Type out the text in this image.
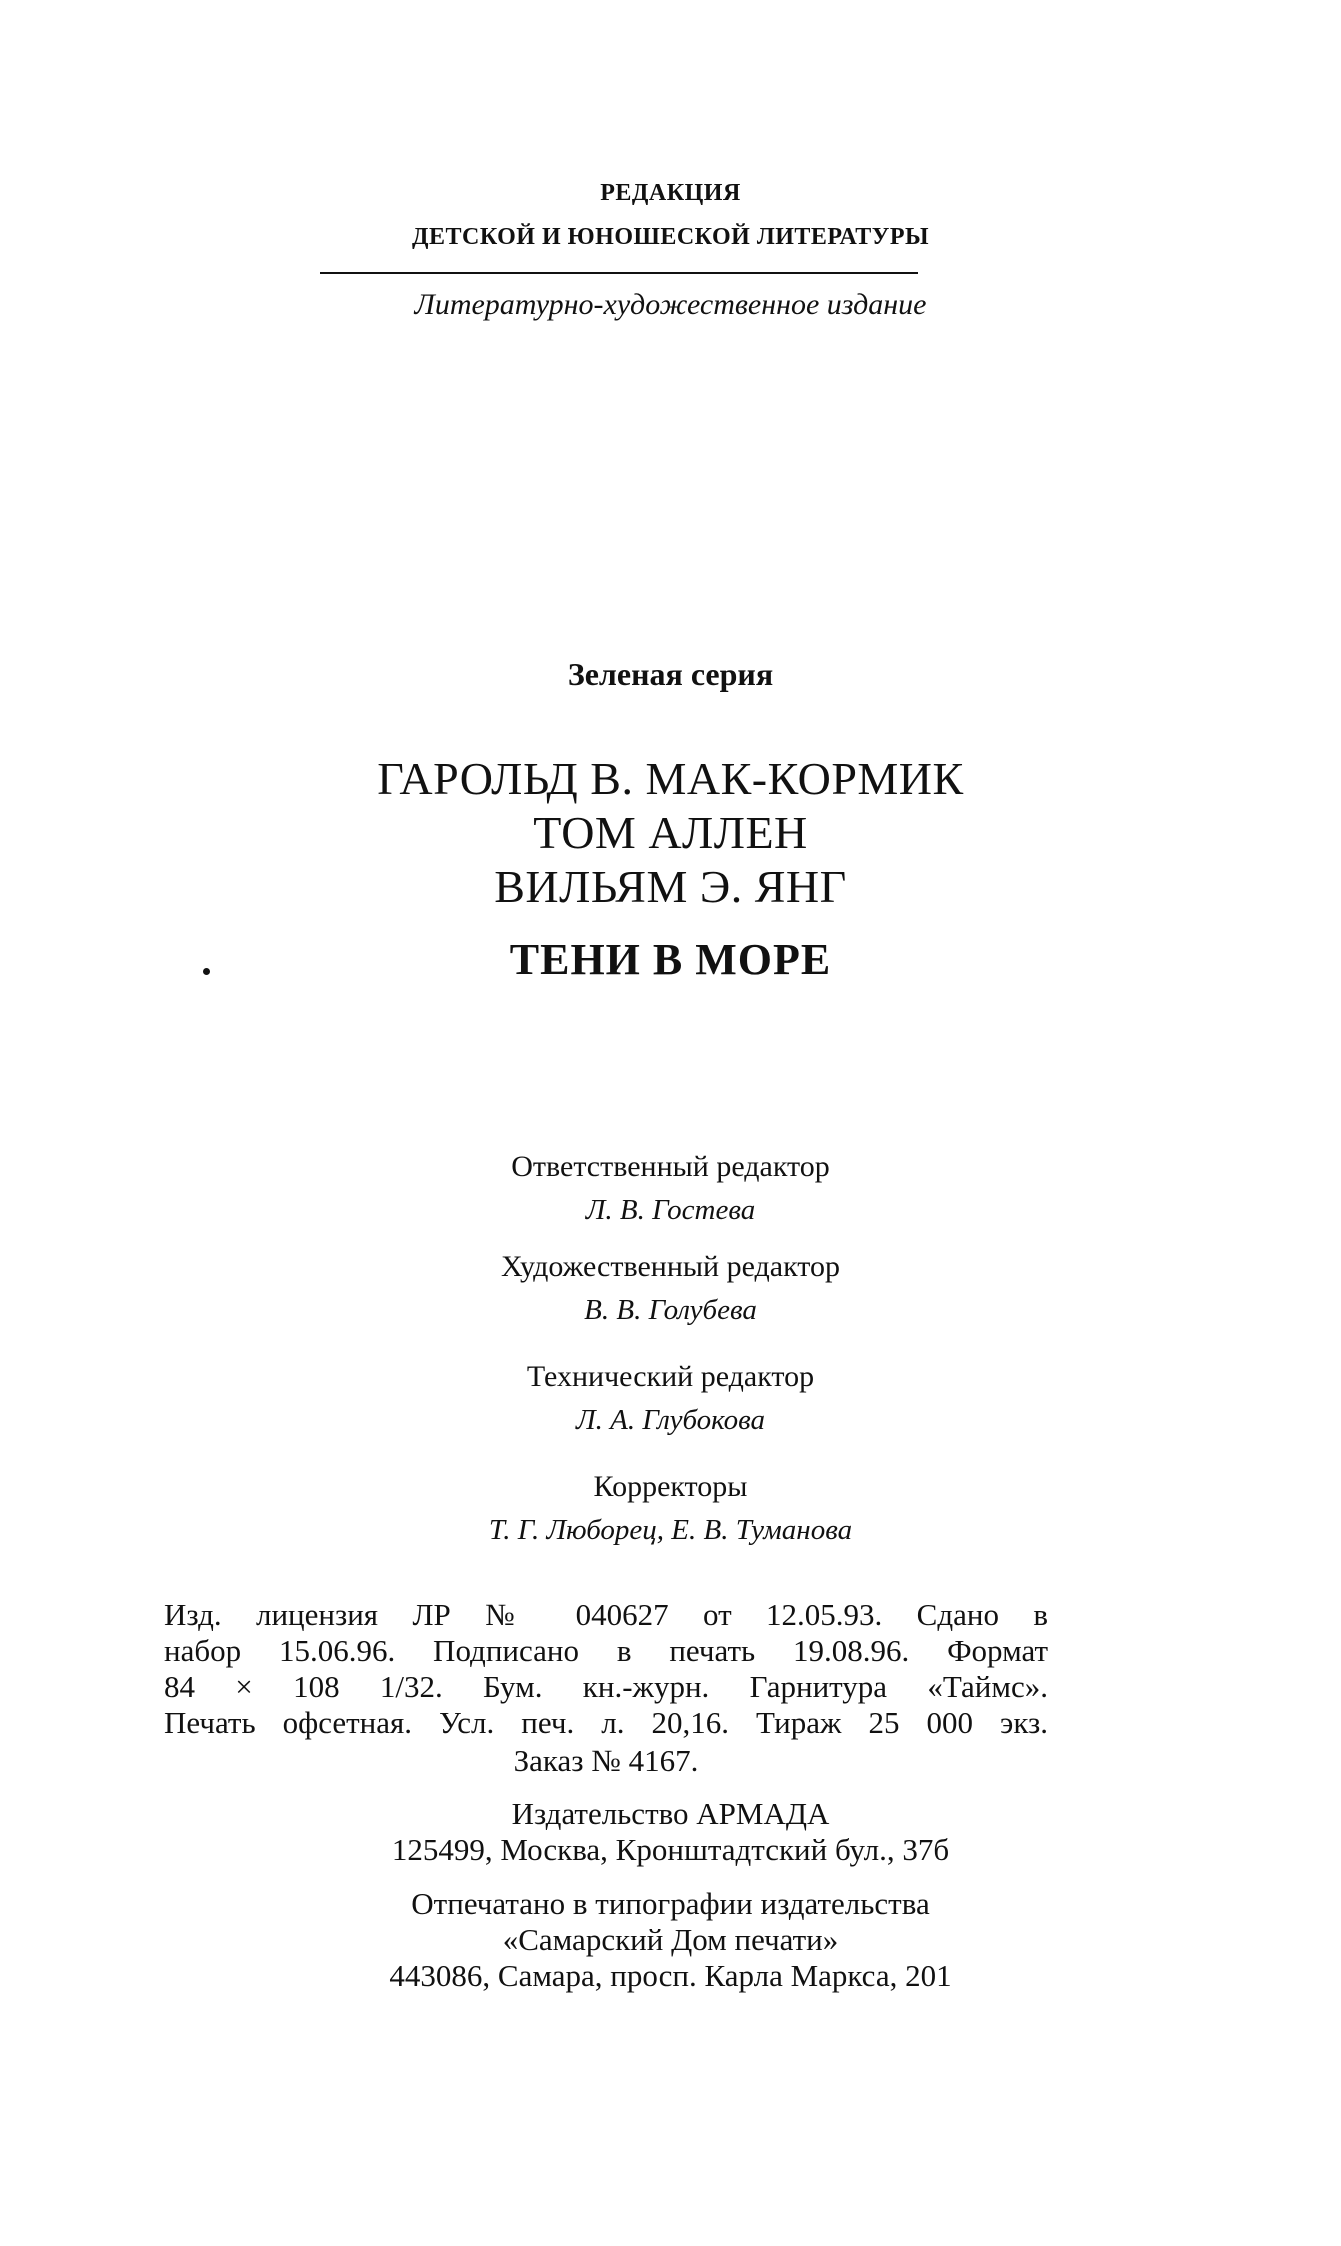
РЕДАКЦИЯ
ДЕТСКОЙ И ЮНОШЕСКОЙ ЛИТЕРАТУРЫ
Литературно-художественное издание
Зеленая серия
ГАРОЛЬД В. МАК-КОРМИК
ТОМ АЛЛЕН
ВИЛЬЯМ Э. ЯНГ
ТЕНИ В МОРЕ
Ответственный редактор
Л. В. Гостева
Художественный редактор
В. В. Голубева
Технический редактор
Л. А. Глубокова
Корректоры
Т. Г. Люборец, Е. В. Туманова
Изд. лицензия ЛР № 040627 от 12.05.93. Сдано в
набор 15.06.96. Подписано в печать 19.08.96. Формат
84 × 108 1/32. Бум. кн.-журн. Гарнитура «Таймс».
Печать офсетная. Усл. печ. л. 20,16. Тираж 25 000 экз.
Заказ № 4167.
Издательство АРМАДА
125499, Москва, Кронштадтский бул., 37б
Отпечатано в типографии издательства
«Самарский Дом печати»
443086, Самара, просп. Карла Маркса, 201
